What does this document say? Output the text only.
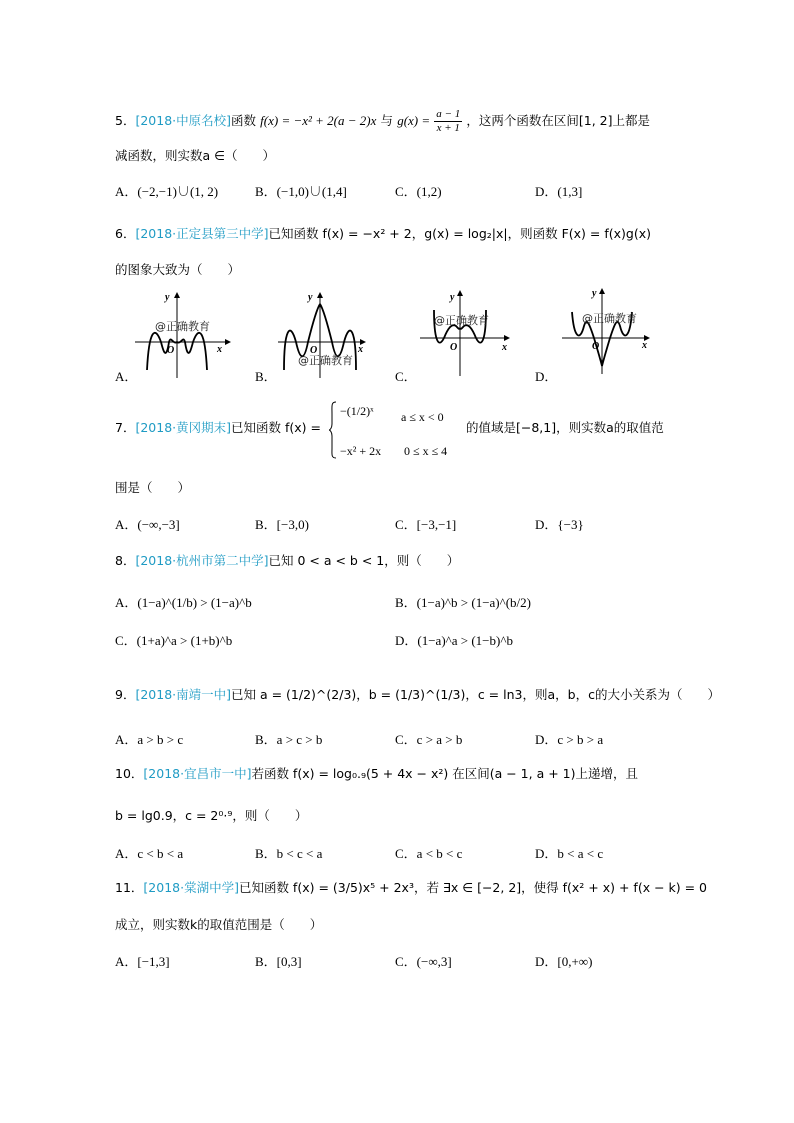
5．[2018·中原名校]函数 f(x) = −x² + 2(a − 2)x 与 $g(x) = \frac{a - 1}{x + 1}$ ，这两个函数在区间[1, 2]上都是
减函数，则实数a ∈（　　）
A．(−2,−1)∪(1, 2)	B．(−1,0)∪(1,4]	C．(1,2)	D．(1,3]
6．[2018·正定县第三中学]已知函数 f(x) = −x² + 2，g(x) = log₂|x|，则函数 F(x) = f(x)g(x)
的图象大致为（　　）
y
x
O
@正确教育
A．
y
x
O
@正确教育
B．
y
x
O
@正确教育
C．
y
x
O
@正确教育
D．
7．[2018·黄冈期末]已知函数 f(x) =
−(1/2)ˣ a ≤ x < 0
−x² + 2x 0 ≤ x ≤ 4
的值域是[−8,1]，则实数a的取值范
围是（　　）
A．(−∞,−3]	B．[−3,0)	C．[−3,−1]	D．{−3}
8．[2018·杭州市第二中学]已知 0 < a < b < 1，则（　　）
A．(1−a)^(1/b) > (1−a)^b	B．(1−a)^b > (1−a)^(b/2)
C．(1+a)^a > (1+b)^b	D．(1−a)^a > (1−b)^b
9．[2018·南靖一中]已知 a = (1/2)^(2/3)，b = (1/3)^(1/3)，c = ln3，则a，b，c的大小关系为（　　）
A．a > b > c	B．a > c > b	C．c > a > b	D．c > b > a
10．[2018·宜昌市一中]若函数 f(x) = log₀.₉(5 + 4x − x²) 在区间(a − 1, a + 1)上递增，且
b = lg0.9，c = 2⁰·⁹，则（　　）
A．c < b < a	B．b < c < a	C．a < b < c	D．b < a < c
11．[2018·棠湖中学]已知函数 f(x) = (3/5)x⁵ + 2x³，若 ∃x ∈ [−2, 2]，使得 f(x² + x) + f(x − k) = 0
成立，则实数k的取值范围是（　　）
A．[−1,3]	B．[0,3]	C．(−∞,3]	D．[0,+∞)
